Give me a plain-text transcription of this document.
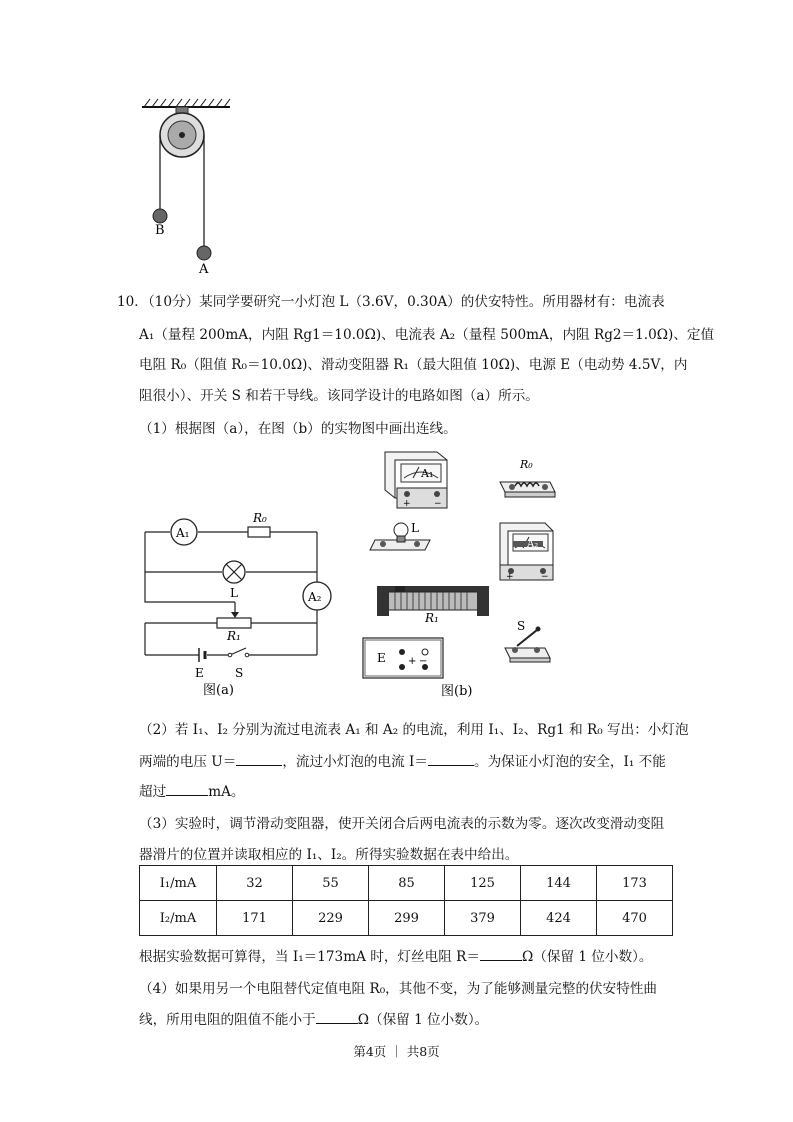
B
A
10．（10分）某同学要研究一小灯泡 L（3.6V，0.30A）的伏安特性。所用器材有：电流表
A₁（量程 200mA，内阻 Rg1＝10.0Ω)、电流表 A₂（量程 500mA，内阻 Rg2＝1.0Ω)、定值
电阻 R₀（阻值 R₀＝10.0Ω)、滑动变阻器 R₁（最大阻值 10Ω)、电源 E（电动势 4.5V，内
阻很小）、开关 S 和若干导线。该同学设计的电路如图（a）所示。
（1）根据图（a），在图（b）的实物图中画出连线。
A₁
A₂
R₀
L
R₁
E	S
图(a)
A₁
+	−
R₀
L
A₂
+	−
R₁
S
E + −
图(b)
（2）若 I₁、I₂ 分别为流过电流表 A₁ 和 A₂ 的电流，利用 I₁、I₂、Rg1 和 R₀ 写出：小灯泡
两端的电压 U＝	，流过小灯泡的电流 I＝	。为保证小灯泡的安全，I₁ 不能
超过	mA。
（3）实验时，调节滑动变阻器，使开关闭合后两电流表的示数为零。逐次改变滑动变阻
器滑片的位置并读取相应的 I₁、I₂。所得实验数据在表中给出。
I₁/mA	32	55	85	125	144	173
I₂/mA	171	229	299	379	424	470
根据实验数据可算得，当 I₁＝173mA 时，灯丝电阻 R＝	Ω（保留 1 位小数）。
（4）如果用另一个电阻替代定值电阻 R₀，其他不变，为了能够测量完整的伏安特性曲
线，所用电阻的阻值不能小于	Ω（保留 1 位小数）。
第4页 ｜ 共8页
